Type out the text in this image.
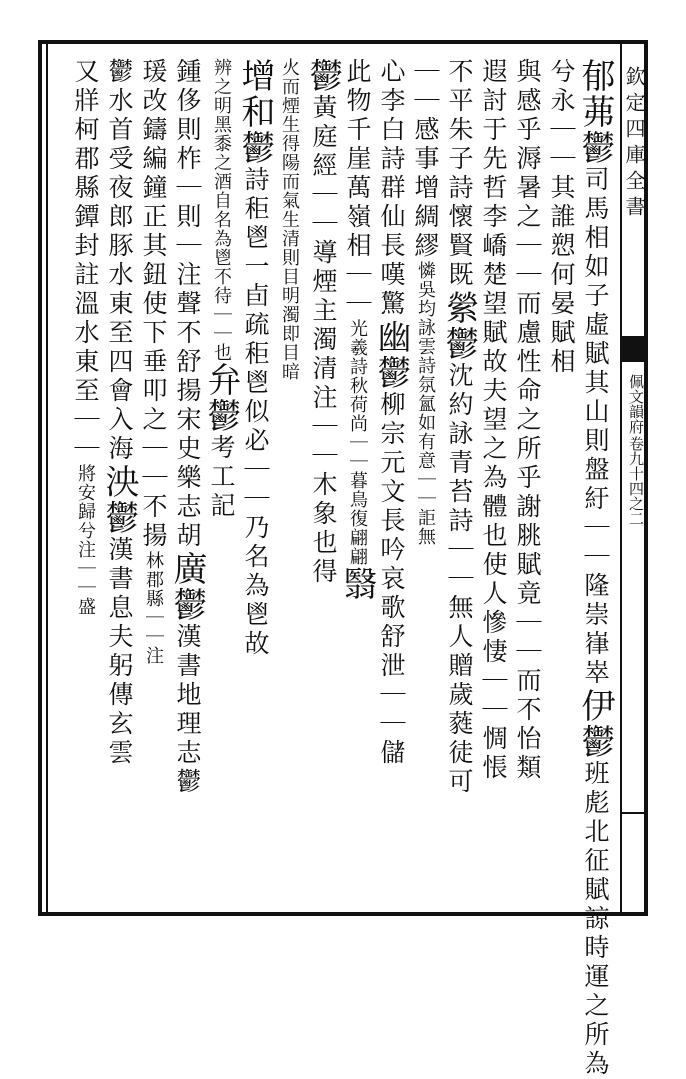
欽定四庫全書
佩文韻府
卷九十四之二
郁茀鬱司馬相如子虛賦其山則盤紆｜｜隆崇嵂崒伊鬱班彪北征賦諒時運之所為
兮永｜｜其誰愬何晏賦相
與感乎溽暑之｜｜而慮性命之所乎謝脁賦竟｜｜而不怡類
遐討于先哲李嶠楚望賦故夫望之為體也使人慘悽｜｜惆悵
不平朱子詩懷賢既縈鬱沈約詠青苔詩｜｜無人贈歲蕤徒可
｜｜感事增綢繆憐吳均詠雲詩氛氳如有意｜｜詎無
心李白詩群仙長嘆驚幽鬱柳宗元文長吟哀歌舒泄｜｜儲
此物千崖萬嶺相｜｜光羲詩秋荷尚｜｜暮鳥復翩翩翳
鬱黃庭經｜｜導煙主濁清注｜｜木象也得
火而煙生得陽而氣生清則目明濁即目暗
增和鬱詩秬鬯一卣疏秬鬯似必｜｜乃名為鬯故
辨之明黑黍之酒自名為鬯不待｜｜也弁鬱考工記
鍾侈則柞｜則｜注聲不舒揚宋史樂志胡廣鬱漢書地理志鬱
瑗改鑄編鐘正其鈕使下垂叩之｜｜不揚林郡縣｜｜注
鬱水首受夜郎豚水東至四會入海泱鬱漢書息夫躬傳玄雲
又牂柯郡縣鐔封註溫水東至｜｜將安歸兮注｜｜盛
